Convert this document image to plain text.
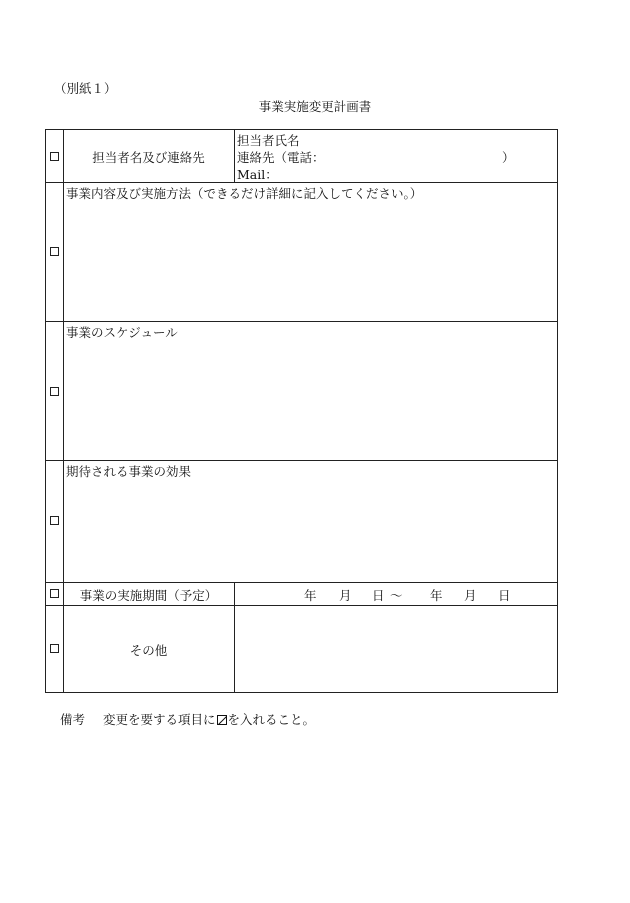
（別紙１）
事業実施変更計画書
担当者名及び連絡先
担当者氏名
連絡先（電話：	）
Mail：
事業内容及び実施方法（できるだけ詳細に記入してください。）
事業のスケジュール
期待される事業の効果
事業の実施期間（予定）	年 月 日 ～ 年 月 日
その他
備考 変更を要する項目に を入れること。
